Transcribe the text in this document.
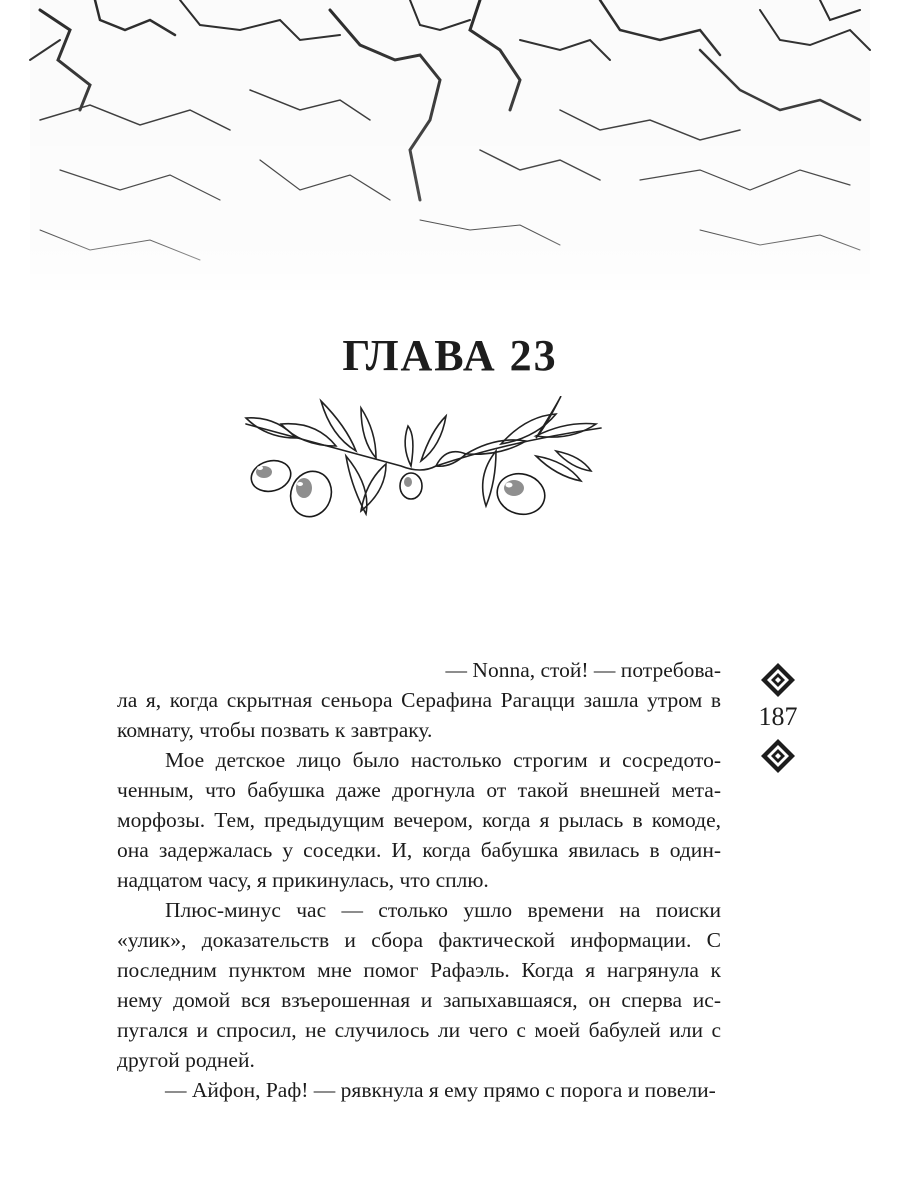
ГЛАВА 23

— Nonna, стой! — потребова-

ла я, когда скрытная сеньора Серафина Рагацци зашла утром в комнату, чтобы позвать к завтраку.

Мое детское лицо было настолько строгим и сосредоточенным, что бабушка даже дрогнула от такой внешней метаморфозы. Тем, предыдущим вечером, когда я рылась в комоде, она задержалась у соседки. И, когда бабушка явилась в одиннадцатом часу, я прикинулась, что сплю.

Плюс-минус час — столько ушло времени на поиски «улик», доказательств и сбора фактической информации. С последним пунктом мне помог Рафаэль. Когда я нагрянула к нему домой вся взъерошенная и запыхавшаяся, он сперва испугался и спросил, не случилось ли чего с моей бабулей или с другой родней.

— Айфон, Раф! — рявкнула я ему прямо с порога и повели-

187
